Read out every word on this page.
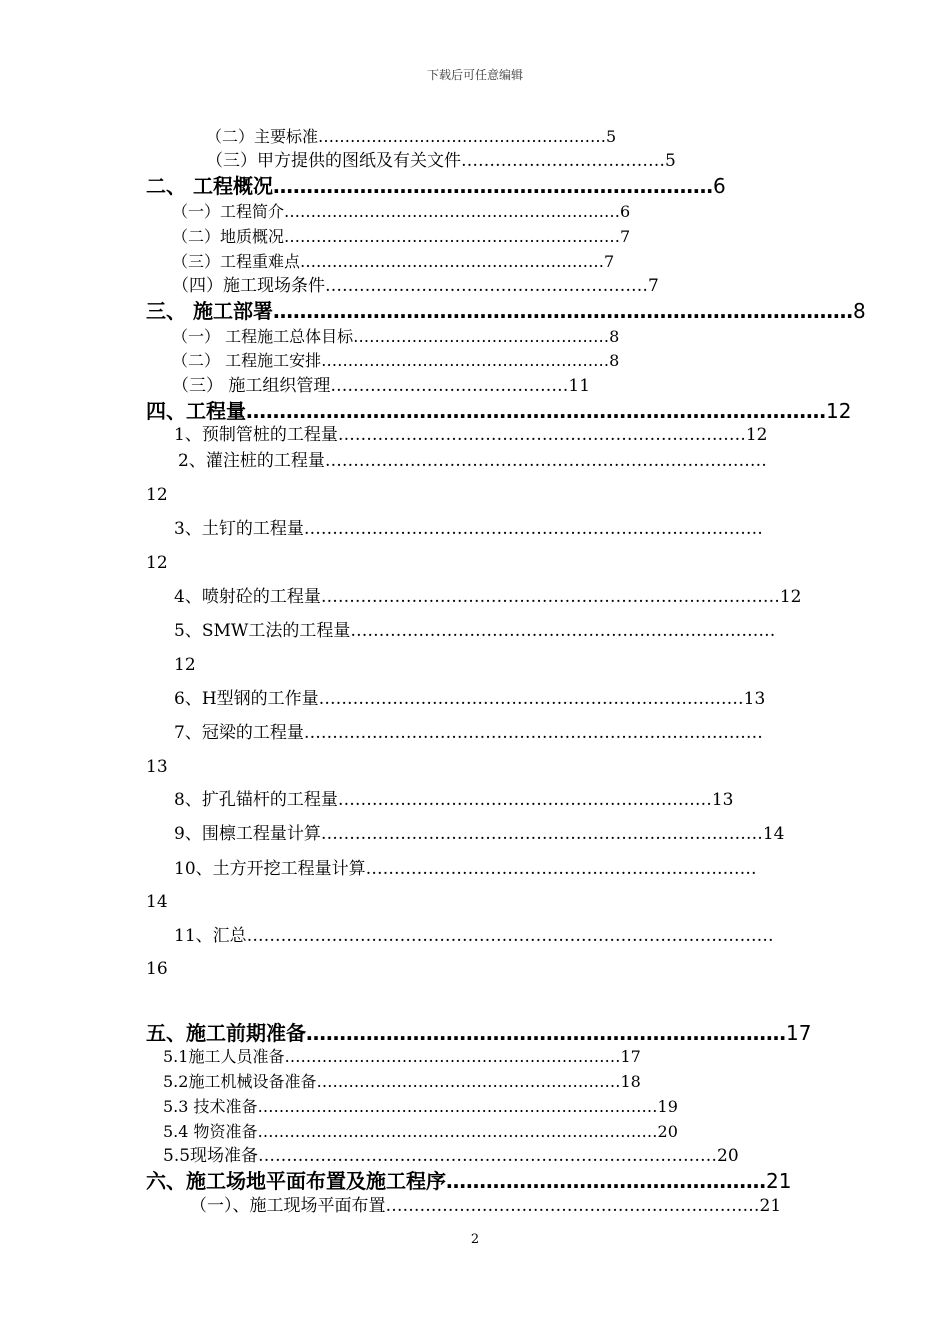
下载后可任意编辑
（二）主要标准………………………………………………5
（三）甲方提供的图纸及有关文件………………………………5
二、 工程概况…………………………………………………………6
（一）工程简介………………………………………………………6
（二）地质概况………………………………………………………7
（三）工程重难点…………………………………………………7
（四）施工现场条件…………………………………………………7
三、 施工部署……………………………………………………………………………8
（一） 工程施工总体目标…………………………………………8
（二） 工程施工安排………………………………………………8
（三） 施工组织管理……………………………………11
四、工程量……………………………………………………………………………12
1、预制管桩的工程量………………………………………………………………12
2、灌注桩的工程量……………………………………………………………………
12
3、土钉的工程量………………………………………………………………………
12
4、喷射砼的工程量………………………………………………………………………12
5、SMW工法的工程量…………………………………………………………………
12
6、H型钢的工作量…………………………………………………………………13
7、冠梁的工程量………………………………………………………………………
13
8、扩孔锚杆的工程量…………………………………………………………13
9、围檩工程量计算……………………………………………………………………14
10、土方开挖工程量计算……………………………………………………………
14
11、汇总…………………………………………………………………………………
16
五、施工前期准备………………………………………………………………17
5.1施工人员准备………………………………………………………17
5.2施工机械设备准备…………………………………………………18
5.3 技术准备…………………………………………………………………19
5.4 物资准备…………………………………………………………………20
5.5现场准备………………………………………………………………………20
六、施工场地平面布置及施工程序…………………………………………21
（一）、施工现场平面布置…………………………………………………………21
2
